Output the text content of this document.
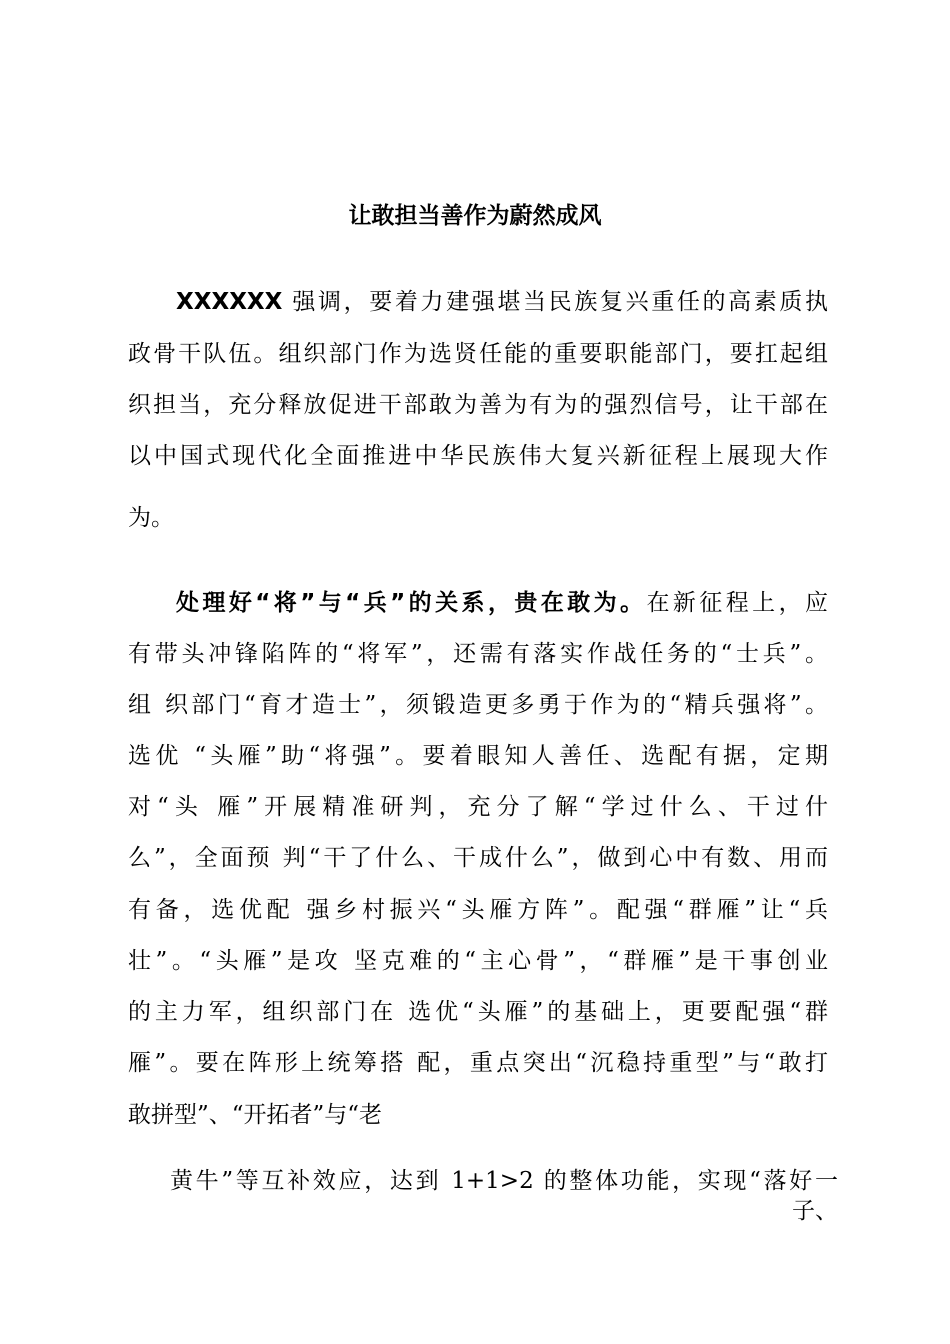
让敢担当善作为蔚然成风
XXXXXX 强调，要着力建强堪当民族复兴重任的高素质执
政骨干队伍。组织部门作为选贤任能的重要职能部门，要扛起组
织担当，充分释放促进干部敢为善为有为的强烈信号，让干部在
以中国式现代化全面推进中华民族伟大复兴新征程上展现大作
为。
处理好“将”与“兵”的关系，贵在敢为。在新征程上，应
有带头冲锋陷阵的“将军”，还需有落实作战任务的“士兵”。
组 织部门“育才造士”，须锻造更多勇于作为的“精兵强将”。
选优 “头雁”助“将强”。要着眼知人善任、选配有据，定期
对“头 雁”开展精准研判，充分了解“学过什么、干过什
么”，全面预 判“干了什么、干成什么”，做到心中有数、用而
有备，选优配 强乡村振兴“头雁方阵”。配强“群雁”让“兵
壮”。“头雁”是攻 坚克难的“主心骨”，“群雁”是干事创业
的主力军，组织部门在 选优“头雁”的基础上，更要配强“群
雁”。要在阵形上统筹搭 配，重点突出“沉稳持重型”与“敢打
敢拼型”、“开拓者”与“老
黄牛”等互补效应，达到 1+1>2 的整体功能，实现“落好一
子、
